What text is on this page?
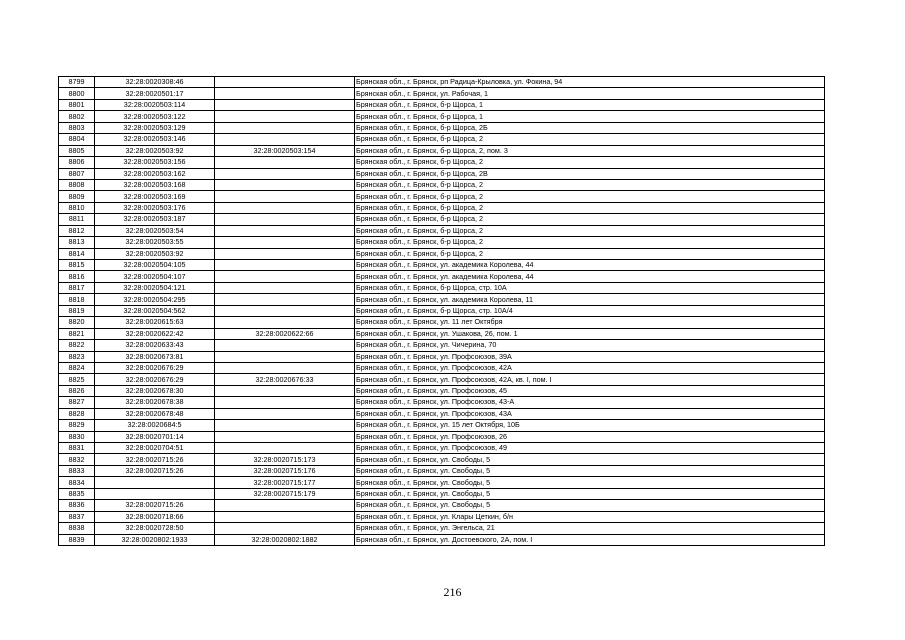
8799	32:28:0020308:46		Брянская обл., г. Брянск, рп Радица-Крыловка, ул. Фокина, 94
8800	32:28:0020501:17		Брянская обл., г. Брянск, ул. Рабочая, 1
8801	32:28:0020503:114		Брянская обл., г. Брянск, б-р Щорса, 1
8802	32:28:0020503:122		Брянская обл., г. Брянск, б-р Щорса, 1
8803	32:28:0020503:129		Брянская обл., г. Брянск, б-р Щорса, 2Б
8804	32:28:0020503:146		Брянская обл., г. Брянск, б-р Щорса, 2
8805	32:28:0020503:92	32:28:0020503:154	Брянская обл., г. Брянск, б-р Щорса, 2, пом. 3
8806	32:28:0020503:156		Брянская обл., г. Брянск, б-р Щорса, 2
8807	32:28:0020503:162		Брянская обл., г. Брянск, б-р Щорса, 2В
8808	32:28:0020503:168		Брянская обл., г. Брянск, б-р Щорса, 2
8809	32:28:0020503:169		Брянская обл., г. Брянск, б-р Щорса, 2
8810	32:28:0020503:176		Брянская обл., г. Брянск, б-р Щорса, 2
8811	32:28:0020503:187		Брянская обл., г. Брянск, б-р Щорса, 2
8812	32:28:0020503:54		Брянская обл., г. Брянск, б-р Щорса, 2
8813	32:28:0020503:55		Брянская обл., г. Брянск, б-р Щорса, 2
8814	32:28:0020503:92		Брянская обл., г. Брянск, б-р Щорса, 2
8815	32:28:0020504:105		Брянская обл., г. Брянск, ул. академика Королева, 44
8816	32:28:0020504:107		Брянская обл., г. Брянск, ул. академика Королева, 44
8817	32:28:0020504:121		Брянская обл., г. Брянск, б-р Щорса, стр. 10А
8818	32:28:0020504:295		Брянская обл., г. Брянск, ул. академика Королева, 11
8819	32:28:0020504:562		Брянская обл., г. Брянск, б-р Щорса, стр. 10А/4
8820	32:28:0020615:63		Брянская обл., г. Брянск, ул. 11 лет Октября
8821	32:28:0020622:42	32:28:0020622:66	Брянская обл., г. Брянск, ул. Ушакова, 26, пом. 1
8822	32:28:0020633:43		Брянская обл., г. Брянск, ул. Чичерина, 70
8823	32:28:0020673:81		Брянская обл., г. Брянск, ул. Профсоюзов, 39А
8824	32:28:0020676:29		Брянская обл., г. Брянск, ул. Профсоюзов, 42А
8825	32:28:0020676:29	32:28:0020676:33	Брянская обл., г. Брянск, ул. Профсоюзов, 42А, кв. I, пом. I
8826	32:28:0020678:30		Брянская обл., г. Брянск, ул. Профсоюзов, 45
8827	32:28:0020678:38		Брянская обл., г. Брянск, ул. Профсоюзов, 43-А
8828	32:28:0020678:48		Брянская обл., г. Брянск, ул. Профсоюзов, 43А
8829	32:28:0020684:5		Брянская обл., г. Брянск, ул. 15 лет Октября, 10Б
8830	32:28:0020701:14		Брянская обл., г. Брянск, ул. Профсоюзов, 26
8831	32:28:0020704:51		Брянская обл., г. Брянск, ул. Профсоюзов, 49
8832	32:28:0020715:26	32:28:0020715:173	Брянская обл., г. Брянск, ул. Свободы, 5
8833	32:28:0020715:26	32:28:0020715:176	Брянская обл., г. Брянск, ул. Свободы, 5
8834		32:28:0020715:177	Брянская обл., г. Брянск, ул. Свободы, 5
8835		32:28:0020715:179	Брянская обл., г. Брянск, ул. Свободы, 5
8836	32:28:0020715:26		Брянская обл., г. Брянск, ул. Свободы, 5
8837	32:28:0020718:66		Брянская обл., г. Брянск, ул. Клары Цеткин, б/н
8838	32:28:0020728:50		Брянская обл., г. Брянск, ул. Энгельса, 21
8839	32:28:0020802:1933	32:28:0020802:1882	Брянская обл., г. Брянск, ул. Достоевского, 2А, пом. I
216
